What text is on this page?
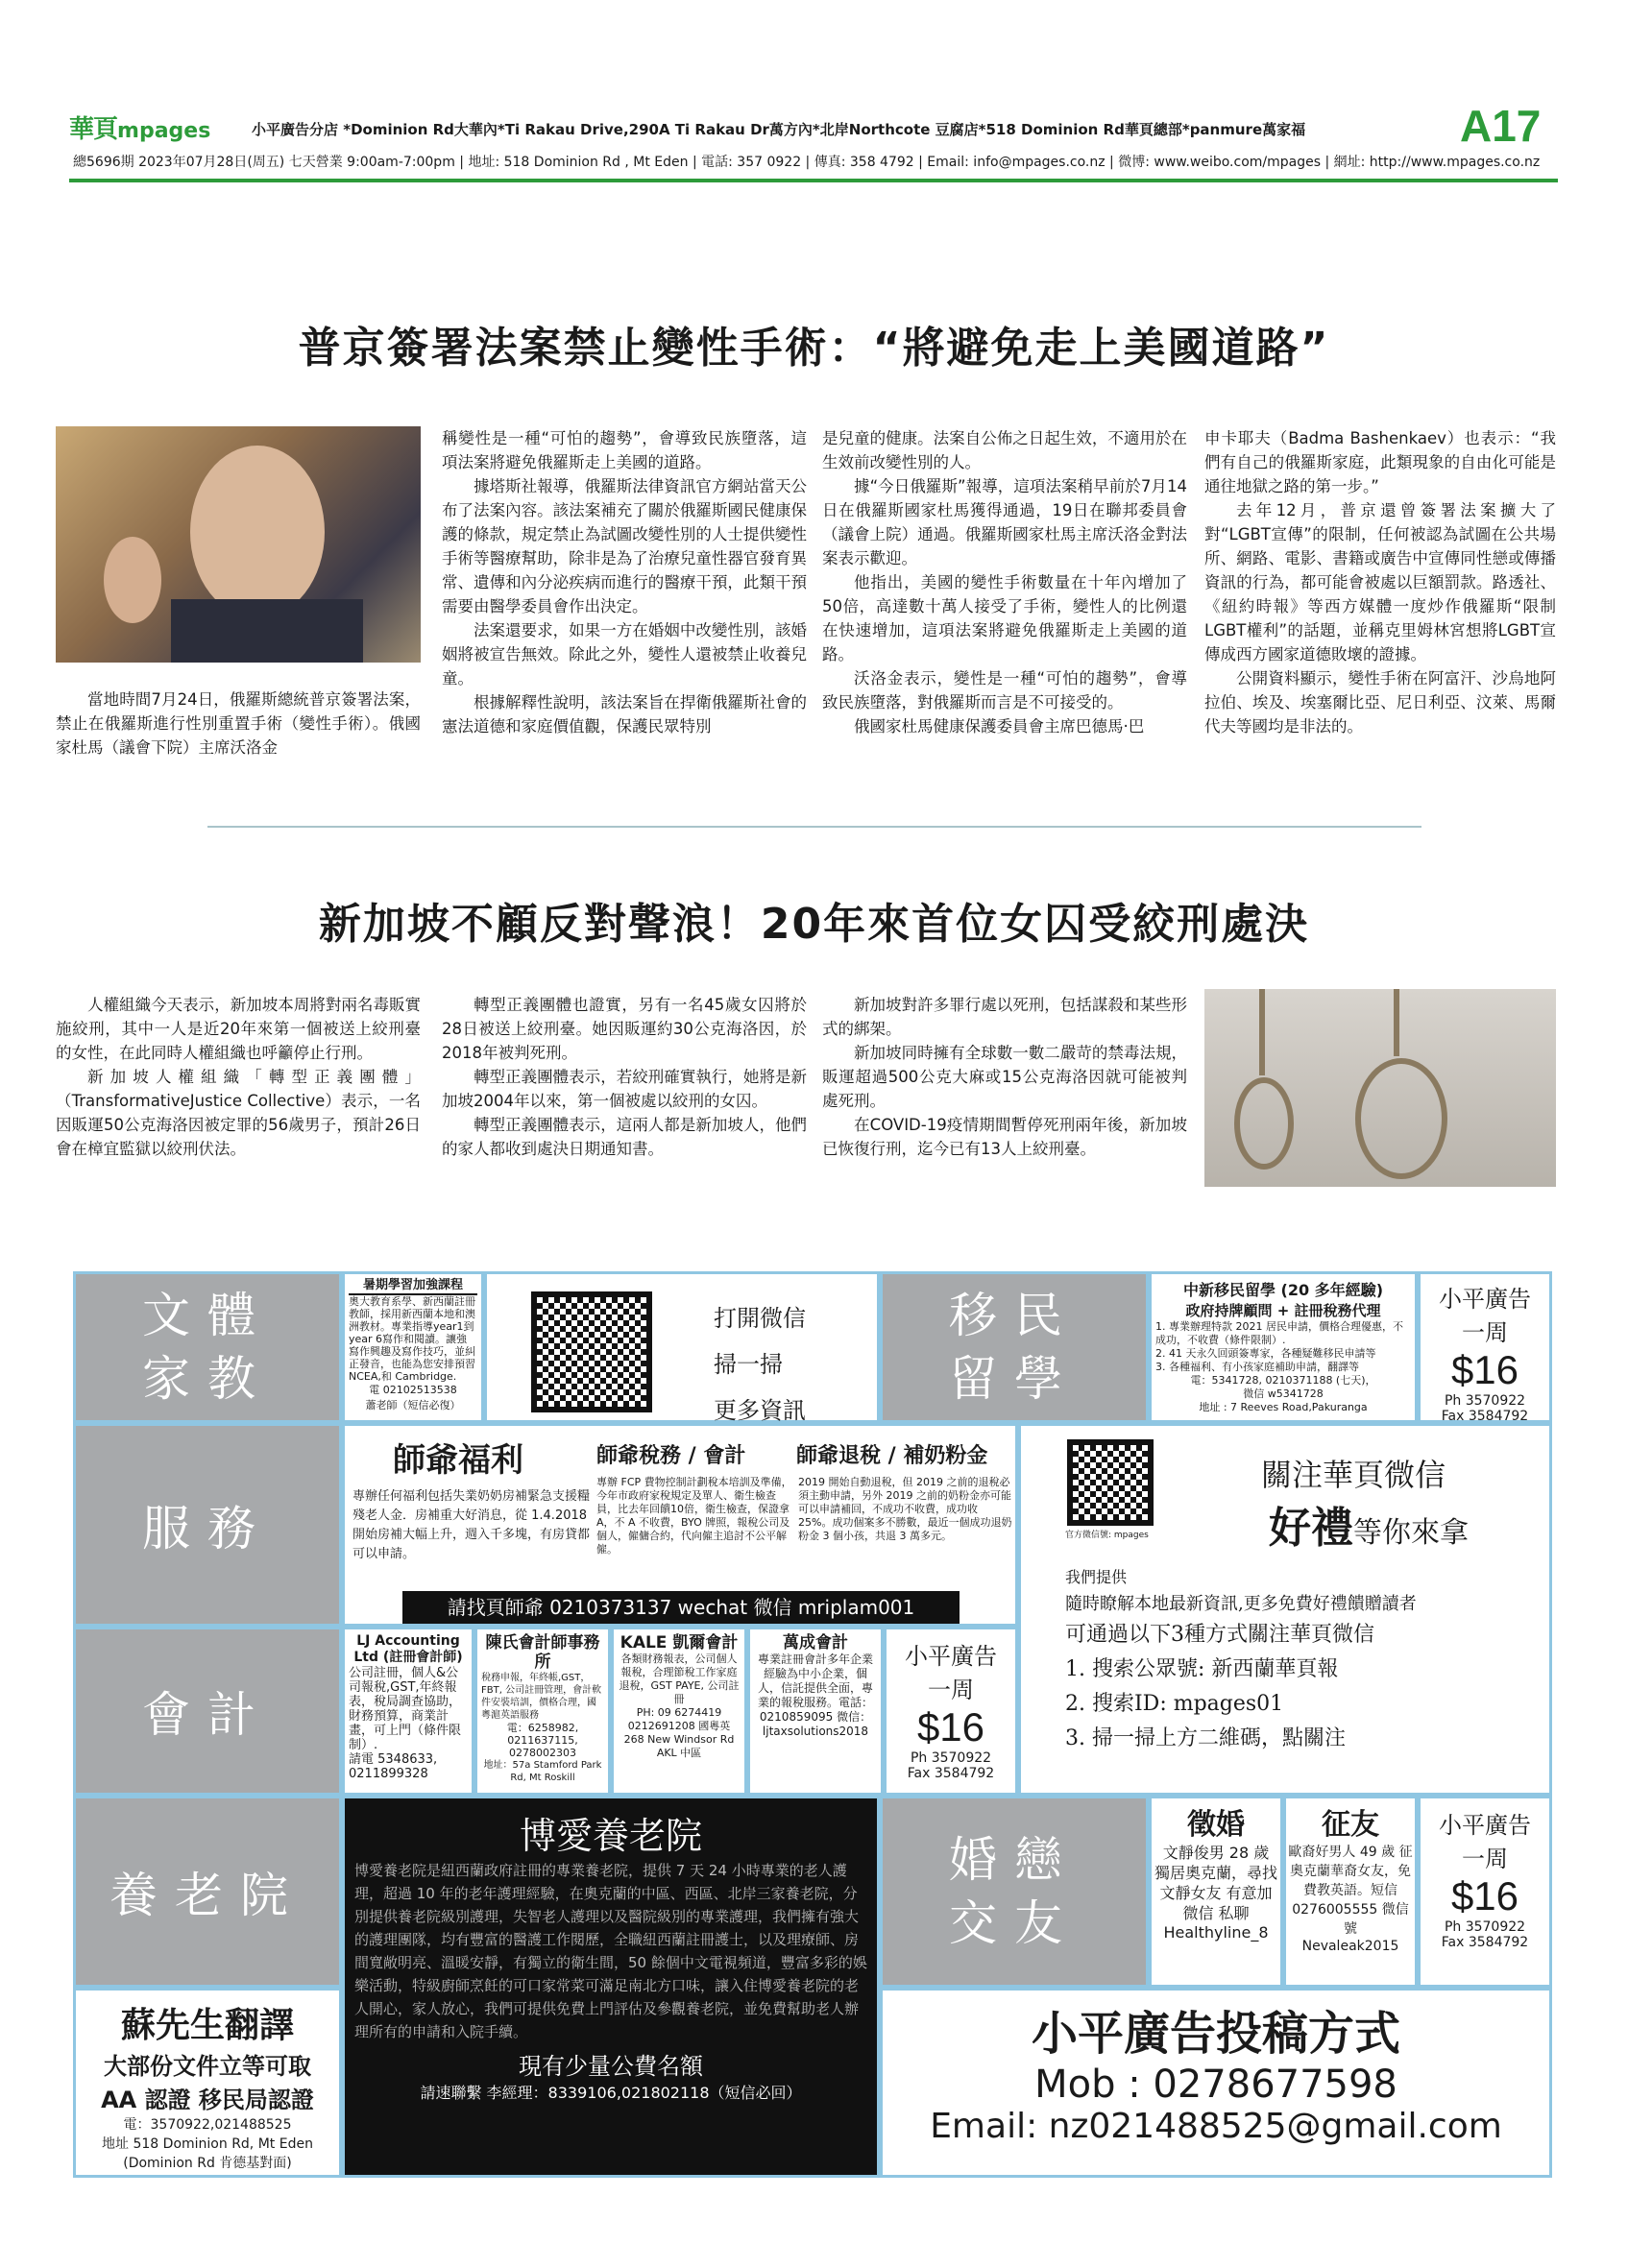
華頁mpages	小平廣告分店 *Dominion Rd大華內*Ti Rakau Drive,290A Ti Rakau Dr萬方內*北岸Northcote 豆腐店*518 Dominion Rd華頁總部*panmure萬家福
總5696期 2023年07月28日(周五) 七天營業 9:00am-7:00pm | 地址: 518 Dominion Rd , Mt Eden | 電話: 357 0922 | 傳真: 358 4792 | Email: info@mpages.co.nz | 微博: www.weibo.com/mpages | 網址: http://www.mpages.co.nz
A17
普京簽署法案禁止變性手術：“將避免走上美國道路”

當地時間7月24日，俄羅斯總統普京簽署法案，禁止在俄羅斯進行性別重置手術（變性手術）。俄國家杜馬（議會下院）主席沃洛金

稱變性是一種“可怕的趨勢”，會導致民族墮落，這項法案將避免俄羅斯走上美國的道路。

據塔斯社報導，俄羅斯法律資訊官方網站當天公布了法案內容。該法案補充了關於俄羅斯國民健康保護的條款，規定禁止為試圖改變性別的人士提供變性手術等醫療幫助，除非是為了治療兒童性器官發育異常、遺傳和內分泌疾病而進行的醫療干預，此類干預需要由醫學委員會作出決定。

法案還要求，如果一方在婚姻中改變性別，該婚姻將被宣告無效。除此之外，變性人還被禁止收養兒童。

根據解釋性說明，該法案旨在捍衛俄羅斯社會的憲法道德和家庭價值觀，保護民眾特別

是兒童的健康。法案自公佈之日起生效，不適用於在生效前改變性別的人。

據“今日俄羅斯”報導，這項法案稍早前於7月14日在俄羅斯國家杜馬獲得通過，19日在聯邦委員會（議會上院）通過。俄羅斯國家杜馬主席沃洛金對法案表示歡迎。

他指出，美國的變性手術數量在十年內增加了50倍，高達數十萬人接受了手術，變性人的比例還在快速增加，這項法案將避免俄羅斯走上美國的道路。

沃洛金表示，變性是一種“可怕的趨勢”，會導致民族墮落，對俄羅斯而言是不可接受的。

俄國家杜馬健康保護委員會主席巴德馬·巴

申卡耶夫（Badma Bashenkaev）也表示：“我們有自己的俄羅斯家庭，此類現象的自由化可能是通往地獄之路的第一步。”

去年12月，普京還曾簽署法案擴大了對“LGBT宣傳”的限制，任何被認為試圖在公共場所、網路、電影、書籍或廣告中宣傳同性戀或傳播資訊的行為，都可能會被處以巨額罰款。路透社、《紐約時報》等西方媒體一度炒作俄羅斯“限制LGBT權利”的話題，並稱克里姆林宮想將LGBT宣傳成西方國家道德敗壞的證據。

公開資料顯示，變性手術在阿富汗、沙烏地阿拉伯、埃及、埃塞爾比亞、尼日利亞、汶萊、馬爾代夫等國均是非法的。

新加坡不顧反對聲浪！20年來首位女囚受絞刑處決

人權組織今天表示，新加坡本周將對兩名毒販實施絞刑，其中一人是近20年來第一個被送上絞刑臺的女性，在此同時人權組織也呼籲停止行刑。

新加坡人權組織「轉型正義團體」（TransformativeJustice Collective）表示，一名因販運50公克海洛因被定罪的56歲男子，預計26日會在樟宜監獄以絞刑伏法。

轉型正義團體也證實，另有一名45歲女囚將於28日被送上絞刑臺。她因販運約30公克海洛因，於2018年被判死刑。

轉型正義團體表示，若絞刑確實執行，她將是新加坡2004年以來，第一個被處以絞刑的女囚。

轉型正義團體表示，這兩人都是新加坡人，他們的家人都收到處決日期通知書。

新加坡對許多罪行處以死刑，包括謀殺和某些形式的綁架。

新加坡同時擁有全球數一數二嚴苛的禁毒法規，販運超過500公克大麻或15公克海洛因就可能被判處死刑。

在COVID-19疫情期間暫停死刑兩年後，新加坡已恢復行刑，迄今已有13人上絞刑臺。

文體家教
暑期學習加強課程
奧大教育系學、新西蘭註冊教師，採用新西蘭本地和澳洲教材。專業指導year1到year 6寫作和閱讀。讓強寫作興趣及寫作技巧，並糾正發音，也能為您安排預習NCEA,和 Cambridge.
電 02102513538
蕭老師（短信必復）
打開微信
掃一掃
更多資訊
移民留學
中新移民留學 (20 多年經驗)
政府持牌顧問 + 註冊稅務代理
1. 專業辦理特款 2021 居民申請，價格合理優惠，不成功，不收費（條件限制）.
2. 41 天永久回頭簽專家，各種疑難移民申請等
3. 各種福利、有小孩家庭補助申請，翻譯等
電：5341728, 0210371188 (七天)，
微信 w5341728
地址 : 7 Reeves Road,Pakuranga
小平廣告
一周
$16
Ph 3570922
Fax 3584792
服務
師爺福利	師爺稅務 / 會計 師爺退稅 / 補奶粉金
專辦任何福利包括失業奶奶房補緊急支援糧殘老人金．房補重大好消息，從 1.4.2018 開始房補大幅上升，週入千多塊，有房貸都可以申請。
專辦 FCP 費物控制計劃稅本培訓及準備，今年市政府家稅規定及單人、衛生檢查員，比去年回饋10倍，衛生檢查，保證拿 A，不 A 不收費，BYO 牌照，報稅公司及個人，僱傭合約，代向僱主追討不公平解僱。
2019 開始自動退稅，但 2019 之前的退稅必須主動申請，另外 2019 之前的奶粉金亦可能可以申請補回，不成功不收費，成功收 25%。成功個案多不勝數，最近一個成功退奶粉金 3 個小孩，共退 3 萬多元。
請找頁師爺 0210373137 wechat 微信 mriplam001
官方微信號: mpages
關注華頁微信
好禮等你來拿
我們提供
隨時瞭解本地最新資訊,更多免費好禮饋贈讀者
可通過以下3種方式關注華頁微信
1. 搜索公眾號: 新西蘭華頁報
2. 搜索ID: mpages01
3. 掃一掃上方二維碼，點關注
會計
LJ Accounting Ltd (註冊會計師)
公司註冊，個人&公司報稅,GST,年終報表，稅局調查協助，財務預算，商業計畫，可上門（條件限制）.
請電 5348633, 0211899328
陳氏會計師事務所
稅務申報，年終帳,GST，FBT, 公司註冊管理，會計軟件安裝培訓，價格合理，國粵滬英語服務
電：6258982, 0211637115, 0278002303
地址：57a Stamford Park Rd, Mt Roskill
KALE 凱爾會計
各類財務報表，公司個人報稅，合理節稅工作家庭退稅，GST PAYE, 公司註冊
PH: 09 6274419 0212691208 國粵英
268 New Windsor Rd AKL 中區
萬成會計
專業註冊會計多年企業經驗為中小企業，個人，信託提供全面，專業的報稅服務。電話：0210859095 微信：ljtaxsolutions2018
小平廣告
一周
$16
Ph 3570922
Fax 3584792
養老院
博愛養老院
博愛養老院是紐西蘭政府註冊的專業養老院，提供 7 天 24 小時專業的老人護理，超過 10 年的老年護理經驗，在奧克蘭的中區、西區、北岸三家養老院，分別提供養老院級別護理，失智老人護理以及醫院級別的專業護理，我們擁有強大的護理團隊，均有豐富的醫護工作閱歷，全職紐西蘭註冊護士，以及理療師、房間寬敞明亮、溫暖安靜，有獨立的衛生間，50 餘個中文電視頻道，豐富多彩的娛樂活動，特級廚師烹飪的可口家常菜可滿足南北方口味，讓入住博愛養老院的老人開心，家人放心，我們可提供免費上門評估及參觀養老院，並免費幫助老人辦理所有的申請和入院手續。
現有少量公費名額
請速聯繫 李經理：8339106,021802118（短信必回）
婚戀交友
徵婚
文靜俊男 28 歲 獨居奧克蘭，尋找文靜女友 有意加微信 私聊
Healthyline_8
征友
歐裔好男人 49 歲 征奧克蘭華裔女友，免費教英語。短信 0276005555 微信號
Nevaleak2015
小平廣告
一周
$16
Ph 3570922
Fax 3584792
蘇先生翻譯
大部份文件立等可取
AA 認證 移民局認證
電：3570922,021488525
地址 518 Dominion Rd, Mt Eden
(Dominion Rd 肯德基對面)
小平廣告投稿方式
Mob : 0278677598
Email: nz021488525@gmail.com
